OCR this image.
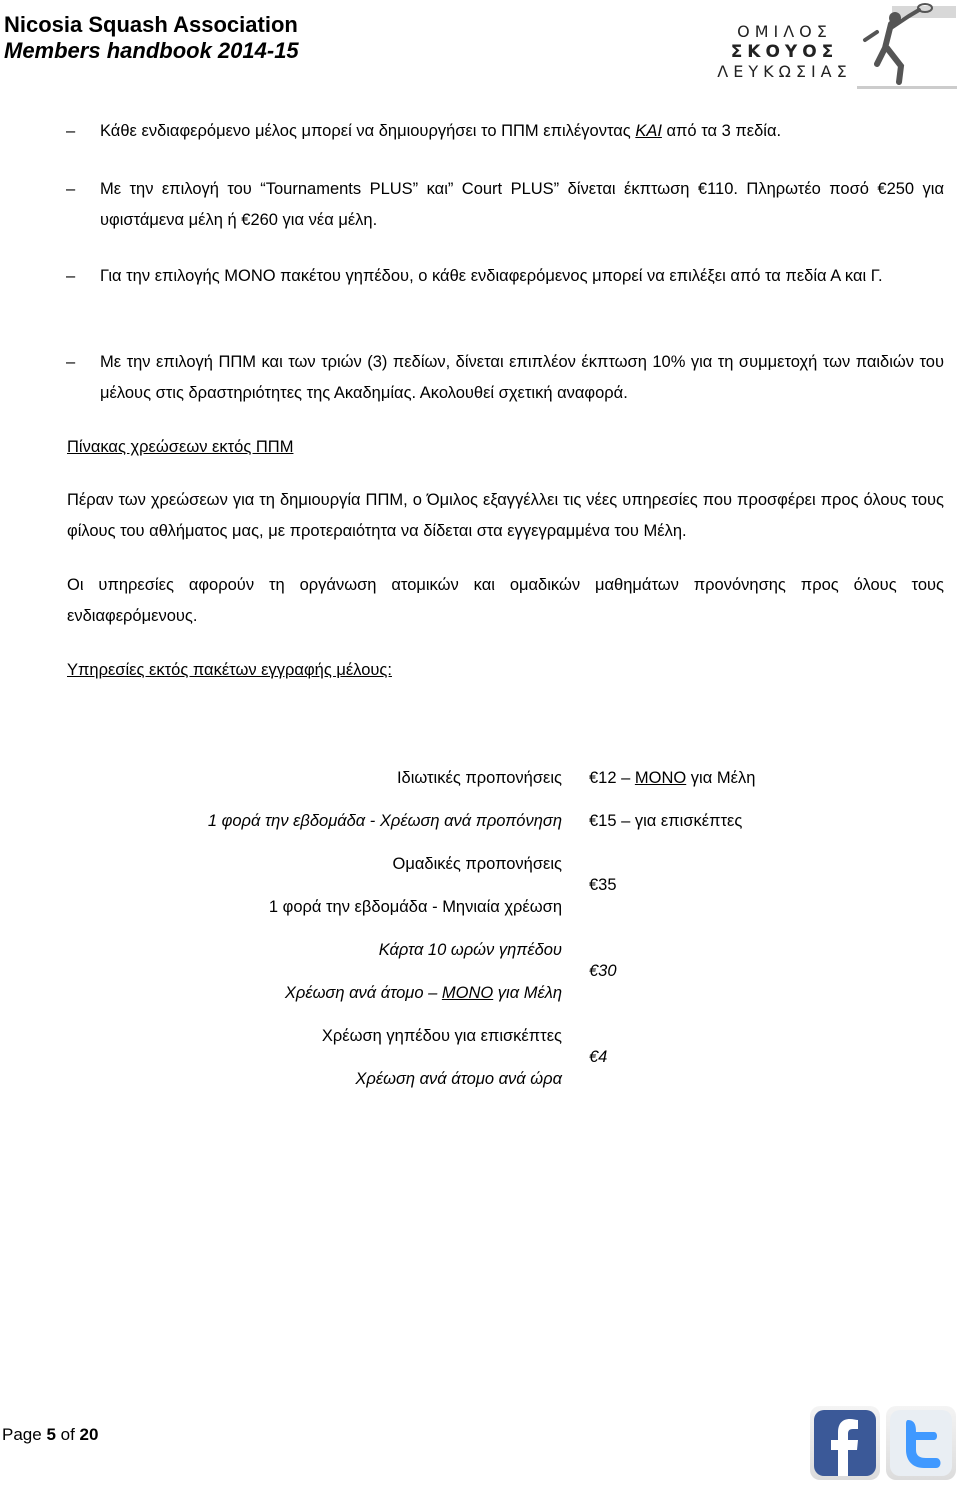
Nicosia Squash Association
Members handbook 2014-15
ΟΜΙΛΟΣ
ΣΚΟΥΟΣ
ΛΕΥΚΩΣΙΑΣ
– Κάθε ενδιαφερόμενο μέλος μπορεί να δημιουργήσει το ΠΠΜ επιλέγοντας ΚΑΙ από τα 3 πεδία.
– Με την επιλογή του “Tournaments PLUS” και” Court PLUS” δίνεται έκπτωση €110. Πληρωτέο ποσό €250 για υφιστάμενα μέλη ή €260 για νέα μέλη.
– Για την επιλογής ΜΟΝΟ πακέτου γηπέδου, ο κάθε ενδιαφερόμενος μπορεί να επιλέξει από τα πεδία Α και Γ.
– Με την επιλογή ΠΠΜ και των τριών (3) πεδίων, δίνεται επιπλέον έκπτωση 10% για τη συμμετοχή των παιδιών του μέλους στις δραστηριότητες της Ακαδημίας. Ακολουθεί σχετική αναφορά.
Πίνακας χρεώσεων εκτός ΠΠΜ
Πέραν των χρεώσεων για τη δημιουργία ΠΠΜ, ο Όμιλος εξαγγέλλει τις νέες υπηρεσίες που προσφέρει προς όλους τους φίλους του αθλήματος μας, με προτεραιότητα να δίδεται στα εγγεγραμμένα του Μέλη.
Οι υπηρεσίες αφορούν τη οργάνωση ατομικών και ομαδικών μαθημάτων προνόνησης προς όλους τους ενδιαφερόμενους.
Υπηρεσίες εκτός πακέτων εγγραφής μέλους:
Ιδιωτικές προπονήσεις €12 – ΜΟΝΟ για Μέλη
1 φορά την εβδομάδα - Χρέωση ανά προπόνηση €15 – για επισκέπτες
Ομαδικές προπονήσεις
1 φορά την εβδομάδα - Μηνιαία χρέωση
€35
Κάρτα 10 ωρών γηπέδου
Χρέωση ανά άτομο – ΜΟΝΟ για Μέλη
€30
Χρέωση γηπέδου για επισκέπτες
Χρέωση ανά άτομο ανά ώρα
€4
Page 5 of 20
